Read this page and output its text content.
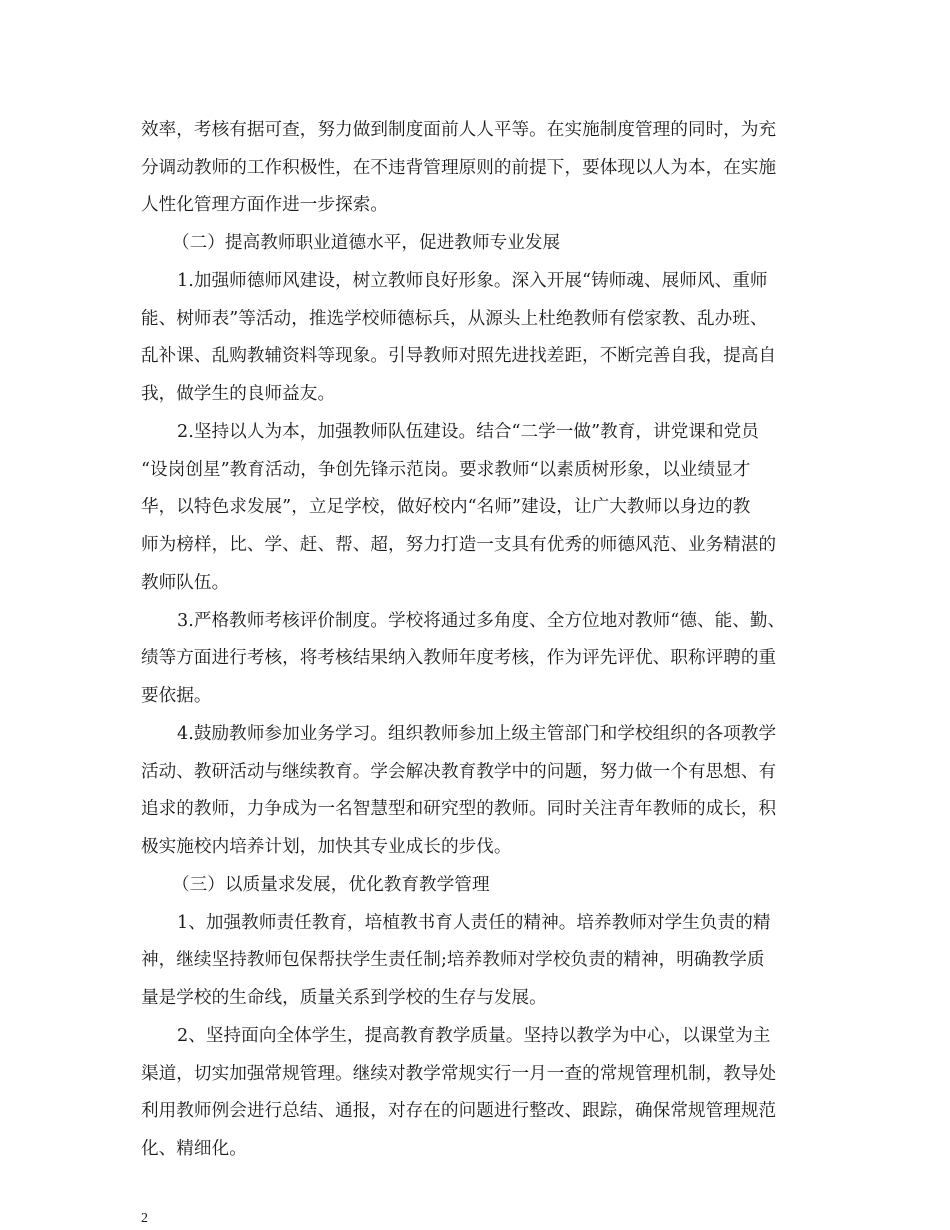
效率，考核有据可查，努力做到制度面前人人平等。在实施制度管理的同时，为充
分调动教师的工作积极性，在不违背管理原则的前提下，要体现以人为本，在实施
人性化管理方面作进一步探索。
（二）提高教师职业道德水平，促进教师专业发展
1.加强师德师风建设，树立教师良好形象。深入开展“铸师魂、展师风、重师
能、树师表”等活动，推选学校师德标兵，从源头上杜绝教师有偿家教、乱办班、
乱补课、乱购教辅资料等现象。引导教师对照先进找差距，不断完善自我，提高自
我，做学生的良师益友。
2.坚持以人为本，加强教师队伍建设。结合“二学一做”教育，讲党课和党员
“设岗创星”教育活动，争创先锋示范岗。要求教师“以素质树形象，以业绩显才
华，以特色求发展”，立足学校，做好校内“名师”建设，让广大教师以身边的教
师为榜样，比、学、赶、帮、超，努力打造一支具有优秀的师德风范、业务精湛的
教师队伍。
3.严格教师考核评价制度。学校将通过多角度、全方位地对教师“德、能、勤、
绩等方面进行考核，将考核结果纳入教师年度考核，作为评先评优、职称评聘的重
要依据。
4.鼓励教师参加业务学习。组织教师参加上级主管部门和学校组织的各项教学
活动、教研活动与继续教育。学会解决教育教学中的问题，努力做一个有思想、有
追求的教师，力争成为一名智慧型和研究型的教师。同时关注青年教师的成长，积
极实施校内培养计划，加快其专业成长的步伐。
（三）以质量求发展，优化教育教学管理
1、加强教师责任教育，培植教书育人责任的精神。培养教师对学生负责的精
神，继续坚持教师包保帮扶学生责任制;培养教师对学校负责的精神，明确教学质
量是学校的生命线，质量关系到学校的生存与发展。
2、坚持面向全体学生，提高教育教学质量。坚持以教学为中心，以课堂为主
渠道，切实加强常规管理。继续对教学常规实行一月一查的常规管理机制，教导处
利用教师例会进行总结、通报，对存在的问题进行整改、跟踪，确保常规管理规范
化、精细化。
2
